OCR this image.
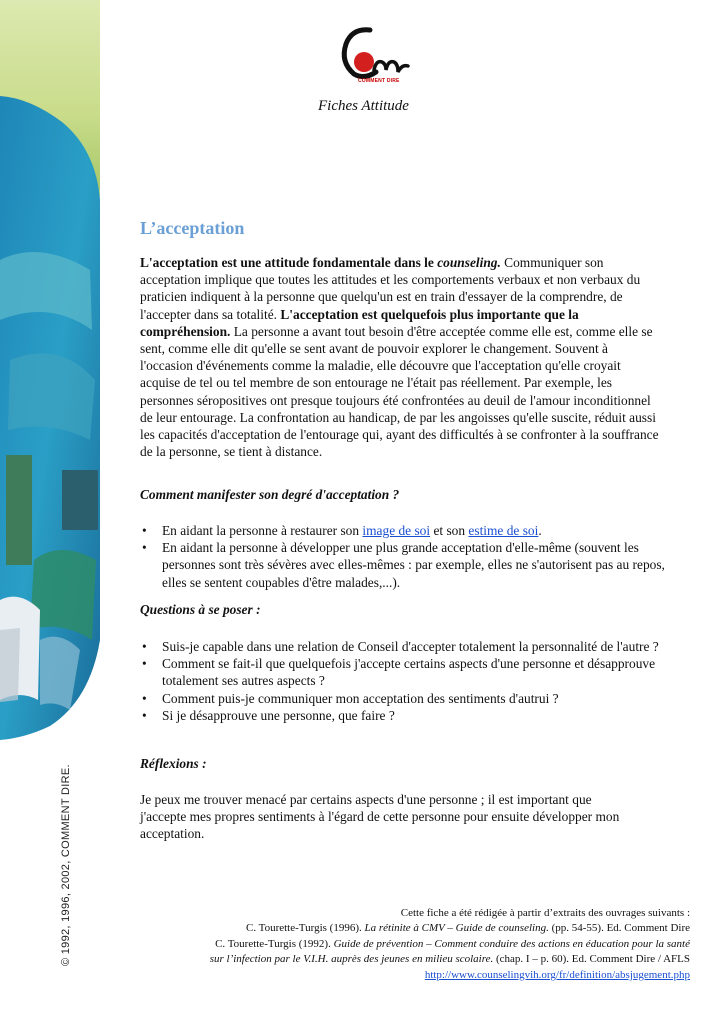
© 1992, 1996, 2002, COMMENT DIRE.
COMMENT DIRE
Fiches Attitude
L’acceptation

L'acceptation est une attitude fondamentale dans le counseling. Communiquer son acceptation implique que toutes les attitudes et les comportements verbaux et non verbaux du praticien indiquent à la personne que quelqu'un est en train d'essayer de la comprendre, de l'accepter dans sa totalité. L'acceptation est quelquefois plus importante que la compréhension. La personne a avant tout besoin d'être acceptée comme elle est, comme elle se sent, comme elle dit qu'elle se sent avant de pouvoir explorer le changement. Souvent à l'occasion d'événements comme la maladie, elle découvre que l'acceptation qu'elle croyait acquise de tel ou tel membre de son entourage ne l'était pas réellement. Par exemple, les personnes séropositives ont presque toujours été confrontées au deuil de l'amour inconditionnel de leur entourage. La confrontation au handicap, de par les angoisses qu'elle suscite, réduit aussi les capacités d'acceptation de l'entourage qui, ayant des difficultés à se confronter à la souffrance de la personne, se tient à distance.

Comment manifester son degré d'acceptation ?

• En aidant la personne à restaurer son image de soi et son estime de soi.
• En aidant la personne à développer une plus grande acceptation d'elle-même (souvent les personnes sont très sévères avec elles-mêmes : par exemple, elles ne s'autorisent pas au repos, elles se sentent coupables d'être malades,...).

Questions à se poser :

• Suis-je capable dans une relation de Conseil d'accepter totalement la personnalité de l'autre ?
• Comment se fait-il que quelquefois j'accepte certains aspects d'une personne et désapprouve totalement ses autres aspects ?
• Comment puis-je communiquer mon acceptation des sentiments d'autrui ?
• Si je désapprouve une personne, que faire ?

Réflexions :

Je peux me trouver menacé par certains aspects d'une personne ; il est important que j'accepte mes propres sentiments à l'égard de cette personne pour ensuite développer mon acceptation.

Cette fiche a été rédigée à partir d’extraits des ouvrages suivants :
C. Tourette-Turgis (1996). La rétinite à CMV – Guide de counseling. (pp. 54-55). Ed. Comment Dire
C. Tourette-Turgis (1992). Guide de prévention – Comment conduire des actions en éducation pour la santé
sur l’infection par le V.I.H. auprès des jeunes en milieu scolaire. (chap. I – p. 60). Ed. Comment Dire / AFLS
http://www.counselingvih.org/fr/definition/absjugement.php
